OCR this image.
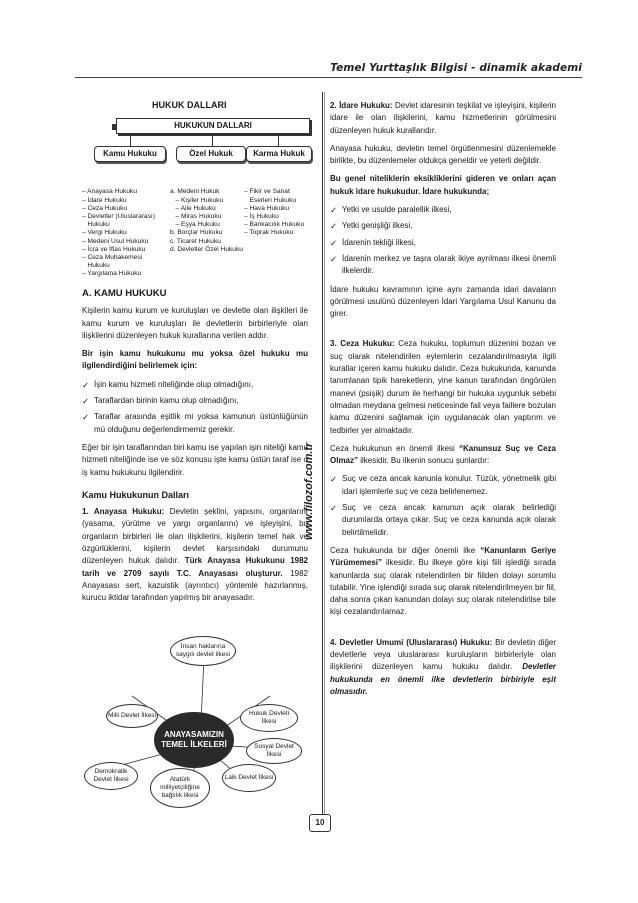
Temel Yurttaşlık Bilgisi - dinamik akademi
www.filozof.com.tr
HUKUK DALLARI
HUKUKUN DALLARI
Kamu Hukuku	Özel Hukuk	Karma Hukuk

– Anayasa Hukuku
– İdare Hukuku
– Ceza Hukuku
– Devletler (Uluslararası)
Hukuku
– Vergi Hukuku
– Medeni Usul Hukuku
– İcra ve İflas Hukuku
– Ceza Muhakemesi
Hukuku
– Yargılama Hukuku

a. Medeni Hukuk
– Kişiler Hukuku
– Aile Hukuku
– Miras Hukuku
– Eşya Hukuku
b. Borçlar Hukuku
c. Ticaret Hukuku
d. Devletler Özel Hukuku

– Fikir ve Sanat
Eserleri Hukuku
– Hava Hukuku
– İş Hukuku
– Bankacılık Hukuku
– Toprak Hukuku

A. KAMU HUKUKU

Kişilerin kamu kurum ve kuruluşları ve devletle olan ilişkileri ile kamu kurum ve kuruluşları ile devletlerin birbirleriyle olan ilişkilerini düzenleyen hukuk kurallarına verilen addır.

Bir işin kamu hukukunu mu yoksa özel hukuku mu ilgilendirdiğini belirlemek için:

✓ İşin kamu hizmeti niteliğinde olup olmadığını,
✓ Taraflardan birinin kamu olup olmadığını,
✓ Taraflar arasında eşitlik mi yoksa kamunun üstünlüğünün mü olduğunu değerlendirmemiz gerekir.

Eğer bir işin taraflarından biri kamu ise yapılan işin niteliği kamu hizmeti niteliğinde ise ve söz konusu işte kamu üstün taraf ise o iş kamu hukukunu ilgilendirir.

Kamu Hukukunun Dalları

1. Anayasa Hukuku: Devletin şeklini, yapısını, organlarını (yasama, yürütme ve yargı organlarını) ve işleyişini, bu organların birbirleri ile olan ilişkilerini, kişilerin temel hak ve özgürlüklerini, kişilerin devlet karşısındaki durumunu düzenleyen hukuk dalıdır. Türk Anayasa Hukukunu 1982 tarih ve 2709 sayılı T.C. Anayasası oluşturur. 1982 Anayasası sert, kazuistik (ayrıntıcı) yöntemle hazırlanmış, kurucu iktidar tarafından yapılmış bir anayasadır.

Milli Devlet İlkesi
İnsan haklarına saygılı devlet ilkesi
Hukuk Devleti İlkesi
Sosyal Devlet İlkesi
Laik Devlet İlkesi
Atatürk milliyetçiliğine bağlılık ilkesi
Demokratik Devlet İlkesi
ANAYASAMIZIN TEMEL İLKELERİ

2. İdare Hukuku: Devlet idaresinin teşkilat ve işleyişini, kişilerin idare ile olan ilişkilerini, kamu hizmetlerinin görülmesini düzenleyen hukuk kurallarıdır.

Anayasa hukuku, devletin temel örgütlenmesini düzenlemekle birlikte, bu düzenlemeler oldukça geneldir ve yeterli değildir.

Bu genel niteliklerin eksikliklerini gideren ve onları açan hukuk idare hukukudur. İdare hukukunda;

✓ Yetki ve usulde paralellik ilkesi,
✓ Yetki genişliği ilkesi,
✓ İdarenin tekliği ilkesi,
✓ İdarenin merkez ve taşra olarak ikiye ayrılması ilkesi önemli ilkelerdir.

İdare hukuku kavramının içine aynı zamanda idari davaların görülmesi usulünü düzenleyen İdari Yargılama Usul Kanunu da girer.

3. Ceza Hukuku: Ceza hukuku, toplumun düzenini bozan ve suç olarak nitelendirilen eylemlerin cezalandırılmasıyla ilgili kurallar içeren kamu hukuku dalıdır. Ceza hukukunda, kanunda tanımlanan tipik hareketlerin, yine kanun tarafından öngörülen manevi (psişik) durum ile herhangi bir hukuka uygunluk sebebi olmadan meydana gelmesi neticesinde fail veya faillere bozulan kamu düzenini sağlamak için uygulanacak olan yaptırım ve tedbirler yer almaktadır.

Ceza hukukunun en önemli ilkesi “Kanunsuz Suç ve Ceza Olmaz” ilkesidir. Bu ilkenin sonucu şunlardır:

✓ Suç ve ceza ancak kanunla konulur. Tüzük, yönetmelik gibi idari işlemlerle suç ve ceza belirlenemez.
✓ Suç ve ceza ancak kanunun açık olarak belirlediği durumlarda ortaya çıkar. Suç ve ceza kanunda açık olarak belirtilmelidir.

Ceza hukukunda bir diğer önemli ilke “Kanunların Geriye Yürümemesi” ilkesidir. Bu ilkeye göre kişi fiili işlediği sırada kanunlarda suç olarak nitelendirilen bir fiilden dolayı sorumlu tutabilir. Yine işlendiği sırada suç olarak nitelendirilmeyen bir fiil, daha sonra çıkan kanundan dolayı suç olarak nitelendirilse bile kişi cezalandırılamaz.

4. Devletler Umumi (Uluslararası) Hukuku: Bir devletin diğer devletlerle veya uluslararası kuruluşların birbirleriyle olan ilişkilerini düzenleyen kamu hukuku dalıdır. Devletler hukukunda en önemli ilke devletlerin birbiriyle eşit olmasıdır.

10
